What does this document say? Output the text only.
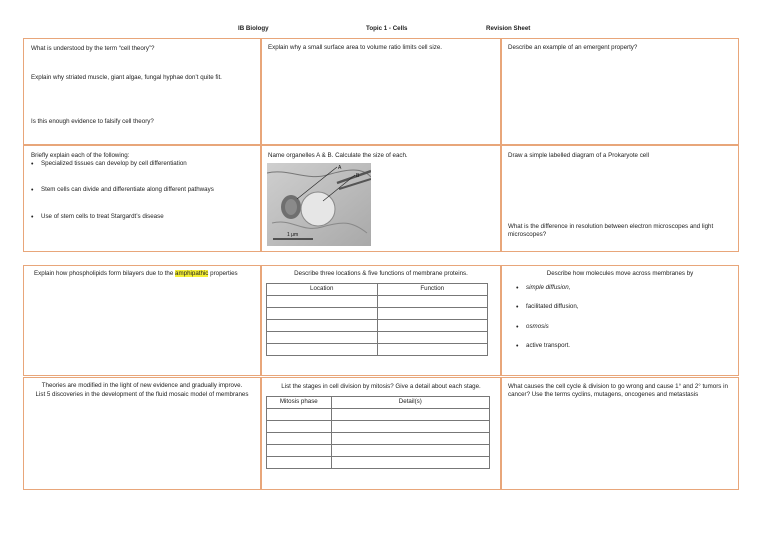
IB Biology	Topic 1 - Cells	Revision Sheet
What is understood by the term “cell theory”?
Explain why striated muscle, giant algae, fungal hyphae don’t quite fit.
Is this enough evidence to falsify cell theory?
Explain why a small surface area to volume ratio limits cell size.	Describe an example of an emergent property?
Briefly explain each of the following:
• Specialized tissues can develop by cell differentiation
• Stem cells can divide and differentiate along different pathways
• Use of stem cells to treat Stargardt’s disease
Name organelles A & B. Calculate the size of each.
A
B
1 μm
Draw a simple labelled diagram of a Prokaryote cell
What is the difference in resolution between electron microscopes and light microscopes?
Explain how phospholipids form bilayers due to the amphipathic properties	Describe three locations & five functions of membrane proteins.
Location	Function

Describe how molecules move across membranes by
• simple diffusion,
• facilitated diffusion,
• osmosis
• active transport.
Theories are modified in the light of new evidence and gradually improve.
List 5 discoveries in the development of the fluid mosaic model of membranes
List the stages in cell division by mitosis? Give a detail about each stage.
Mitosis phase	Detail(s)

What causes the cell cycle & division to go wrong and cause 1° and 2° tumors in cancer? Use the terms cyclins, mutagens, oncogenes and metastasis
